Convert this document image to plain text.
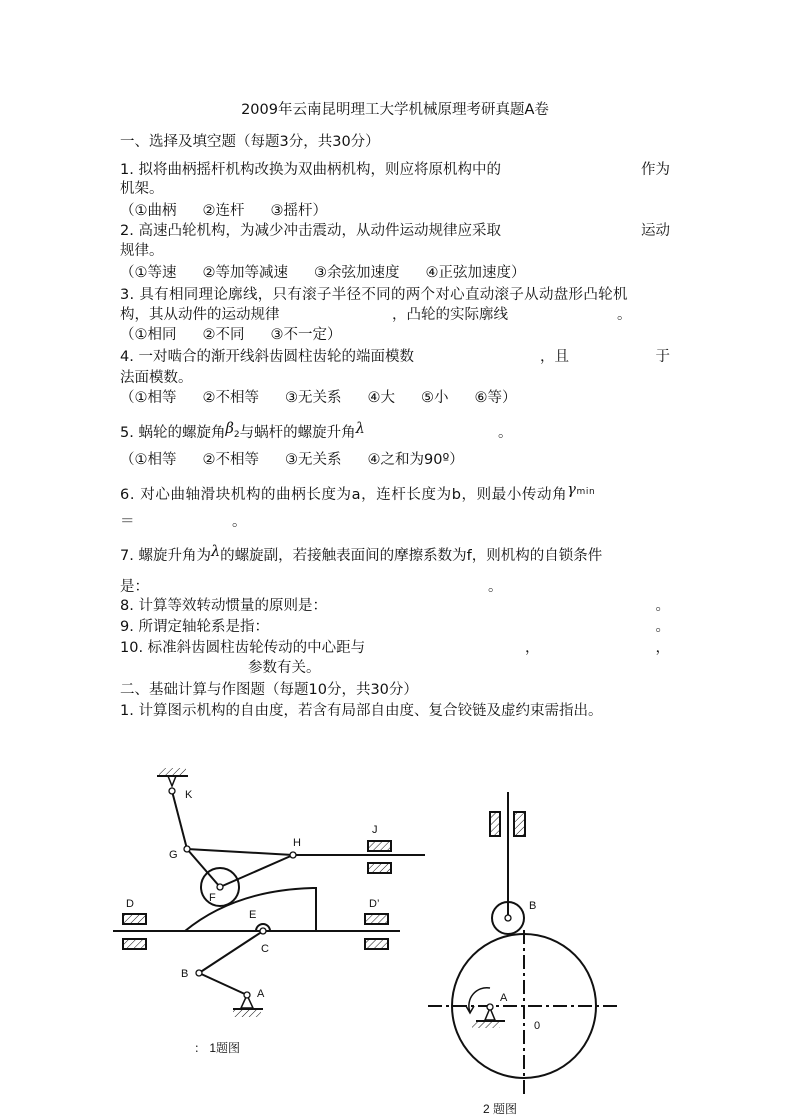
2009年云南昆明理工大学机械原理考研真题A卷
一、选择及填空题（每题3分，共30分）
1. 拟将曲柄摇杆机构改换为双曲柄机构，则应将原机构中的	作为
机架。
（①曲柄 ②连杆 ③摇杆）
2. 高速凸轮机构，为减少冲击震动，从动件运动规律应采取	运动
规律。
（①等速 ②等加等减速 ③余弦加速度 ④正弦加速度）
3. 具有相同理论廓线，只有滚子半径不同的两个对心直动滚子从动盘形凸轮机
构，其从动件的运动规律	，凸轮的实际廓线	。
（①相同 ②不同 ③不一定）
4. 一对啮合的渐开线斜齿圆柱齿轮的端面模数	，且	于
法面模数。
（①相等 ②不相等 ③无关系 ④大 ⑤小 ⑥等）
5. 蜗轮的螺旋角β2与蜗杆的螺旋升角λ	。
（①相等 ②不相等 ③无关系 ④之和为90º）
6. 对心曲轴滑块机构的曲柄长度为a，连杆长度为b，则最小传动角$\gamma^{min}$
＝	。
7. 螺旋升角为λ的螺旋副，若接触表面间的摩擦系数为f，则机构的自锁条件
是：	。
8. 计算等效转动惯量的原则是：	。
9. 所谓定轴轮系是指：	。
10. 标准斜齿圆柱齿轮传动的中心距与	，	，
参数有关。
二、基础计算与作图题（每题10分，共30分）
1. 计算图示机构的自由度，若含有局部自由度、复合铰链及虚约束需指出。
K
G
H
F
J
D	D’
E
C
B
A
： 1题图
B
A
0
2 题图
